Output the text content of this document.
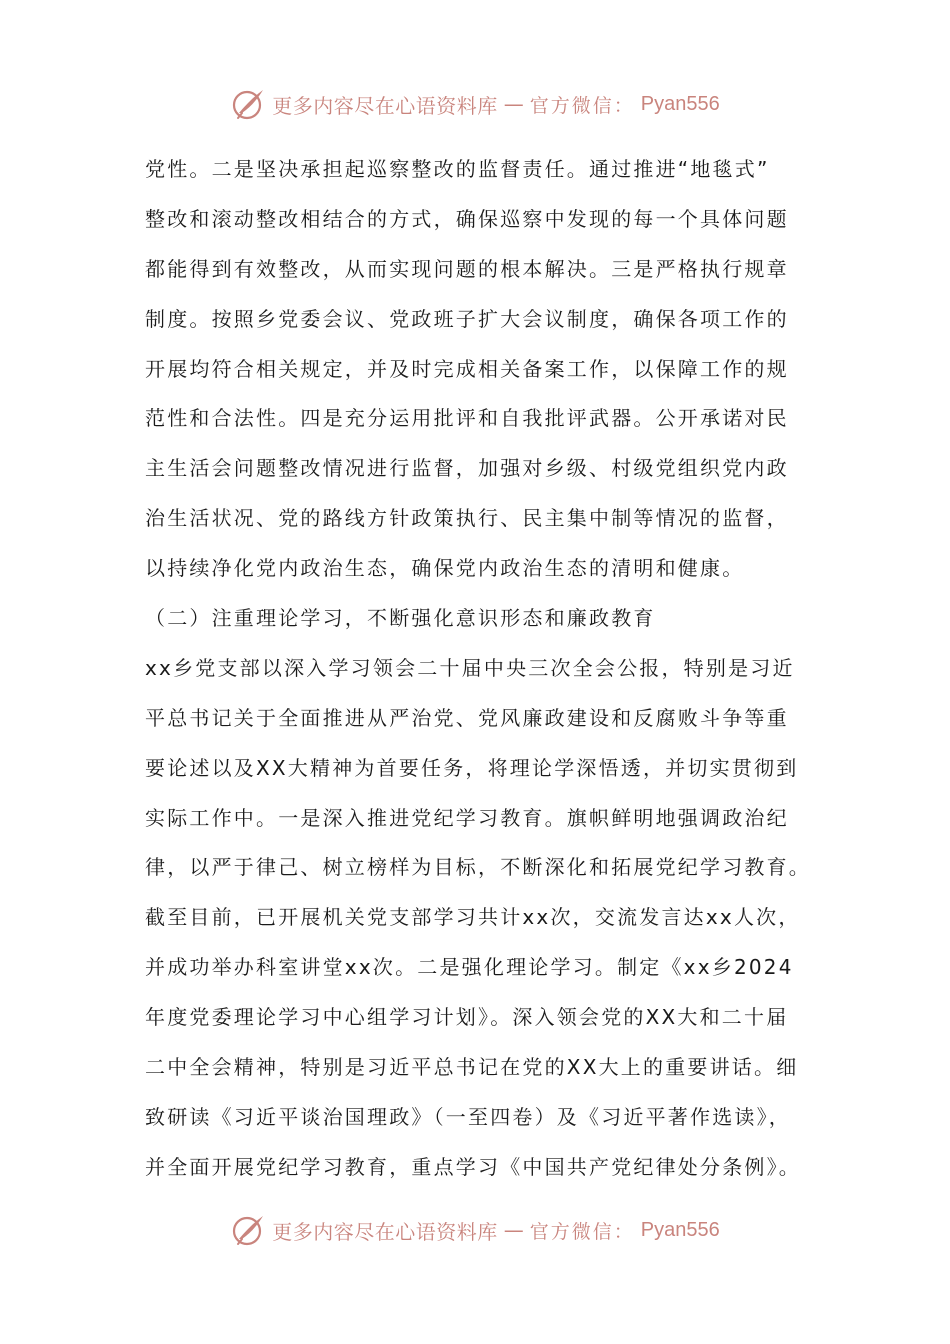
更多内容尽在心语资料库 — 官方微信： Pyan556
党性。二是坚决承担起巡察整改的监督责任。通过推进“地毯式”
整改和滚动整改相结合的方式，确保巡察中发现的每一个具体问题
都能得到有效整改，从而实现问题的根本解决。三是严格执行规章
制度。按照乡党委会议、党政班子扩大会议制度，确保各项工作的
开展均符合相关规定，并及时完成相关备案工作，以保障工作的规
范性和合法性。四是充分运用批评和自我批评武器。公开承诺对民
主生活会问题整改情况进行监督，加强对乡级、村级党组织党内政
治生活状况、党的路线方针政策执行、民主集中制等情况的监督，
以持续净化党内政治生态，确保党内政治生态的清明和健康。
（二）注重理论学习，不断强化意识形态和廉政教育
xx乡党支部以深入学习领会二十届中央三次全会公报，特别是习近
平总书记关于全面推进从严治党、党风廉政建设和反腐败斗争等重
要论述以及XX大精神为首要任务，将理论学深悟透，并切实贯彻到
实际工作中。一是深入推进党纪学习教育。旗帜鲜明地强调政治纪
律，以严于律己、树立榜样为目标，不断深化和拓展党纪学习教育。
截至目前，已开展机关党支部学习共计xx次，交流发言达xx人次，
并成功举办科室讲堂xx次。二是强化理论学习。制定《xx乡2024
年度党委理论学习中心组学习计划》。深入领会党的XX大和二十届
二中全会精神，特别是习近平总书记在党的XX大上的重要讲话。细
致研读《习近平谈治国理政》（一至四卷）及《习近平著作选读》，
并全面开展党纪学习教育，重点学习《中国共产党纪律处分条例》。
更多内容尽在心语资料库 — 官方微信： Pyan556
